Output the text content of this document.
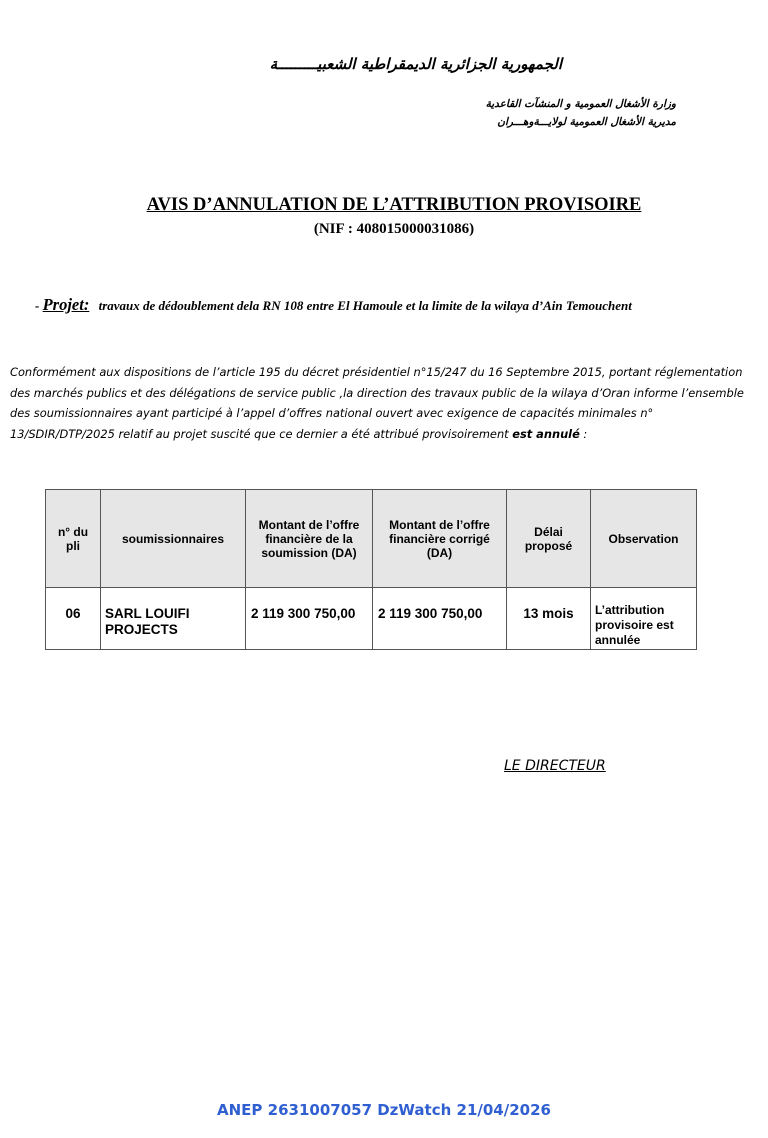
الجمهورية الجزائرية الديمقراطية الشعبيـــــــــة
وزارة الأشغال العمومية و المنشآت القاعدية
مديرية الأشغال العمومية لولايـــةوهـــران
AVIS D’ANNULATION DE L’ATTRIBUTION PROVISOIRE
(NIF : 408015000031086)
- Projet: travaux de dédoublement dela RN 108 entre El Hamoule et la limite de la wilaya d’Ain Temouchent
Conformément aux dispositions de l’article 195 du décret présidentiel n°15/247 du 16 Septembre 2015, portant réglementation des marchés publics et des délégations de service public ,la direction des travaux public de la wilaya d’Oran informe l’ensemble des soumissionnaires ayant participé à l’appel d’offres national ouvert avec exigence de capacités minimales n° 13/SDIR/DTP/2025 relatif au projet suscité que ce dernier a été attribué provisoirement est annulé :
n° du pli	soumissionnaires	Montant de l’offre financière de la soumission (DA)	Montant de l’offre financière corrigé (DA)	Délai proposé	Observation
06	SARL LOUIFI PROJECTS	2 119 300 750,00	2 119 300 750,00	13 mois	L’attribution provisoire est annulée
LE DIRECTEUR
ANEP 2631007057 DzWatch 21/04/2026
